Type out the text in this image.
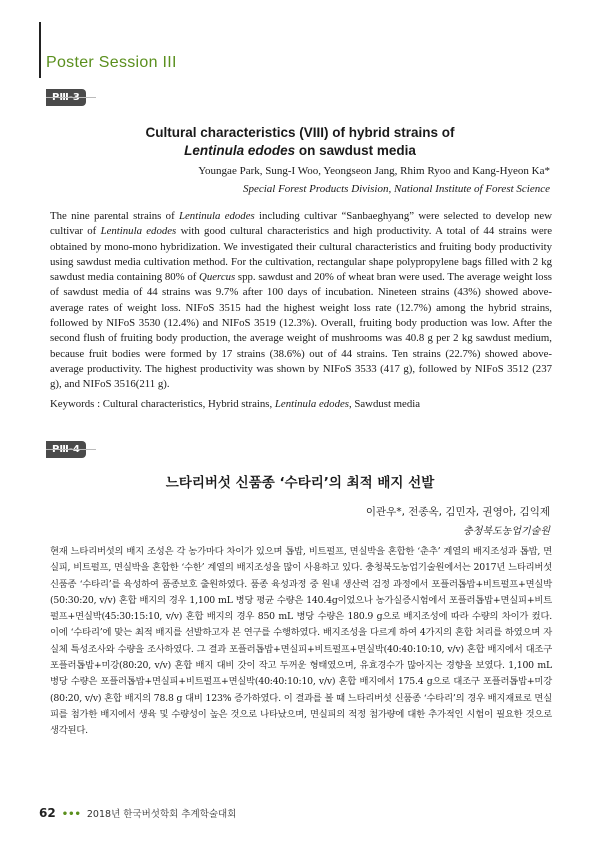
Poster Session III
Cultural characteristics (VIII) of hybrid strains of
Lentinula edodes on sawdust media
Youngae Park, Sung-I Woo, Yeongseon Jang, Rhim Ryoo and Kang-Hyeon Ka*
Special Forest Products Division, National Institute of Forest Science

The nine parental strains of Lentinula edodes including cultivar “Sanbaeghyang” were selected to develop new cultivar of Lentinula edodes with good cultural characteristics and high productivity. A total of 44 strains were obtained by mono-mono hybridization. We investigated their cultural characteristics and fruiting body productivity using sawdust media cultivation method. For the cultivation, rectangular shape polypropylene bags filled with 2 kg sawdust media containing 80% of Quercus spp. sawdust and 20% of wheat bran were used. The average weight loss of sawdust media of 44 strains was 9.7% after 100 days of incubation. Nineteen strains (43%) showed above-average rates of weight loss. NIFoS 3515 had the highest weight loss rate (12.7%) among the hybrid strains, followed by NIFoS 3530 (12.4%) and NIFoS 3519 (12.3%). Overall, fruiting body production was low. After the second flush of fruiting body production, the average weight of mushrooms was 40.8 g per 2 kg sawdust medium, because fruit bodies were formed by 17 strains (38.6%) out of 44 strains. Ten strains (22.7%) showed above-average productivity. The highest productivity was shown by NIFoS 3533 (417 g), followed by NIFoS 3512 (237 g), and NIFoS 3516(211 g).

Keywords : Cultural characteristics, Hybrid strains, Lentinula edodes, Sawdust media
느타리버섯 신품종 ‘수타리’의 최적 배지 선발
이관우*, 전종옥, 김민자, 권영아, 김익제
충청북도농업기술원

현재 느타리버섯의 배지 조성은 각 농가마다 차이가 있으며 톱밥, 비트펄프, 면실박을 혼합한 ‘춘추’ 계열의 배지조성과 톱밥, 면실피, 비트펄프, 면실박을 혼합한 ‘수한’ 계열의 배지조성을 많이 사용하고 있다. 충청북도농업기술원에서는 2017년 느타리버섯 신품종 ‘수타리’를 육성하여 품종보호 출원하였다. 품종 육성과정 중 원내 생산력 검정 과정에서 포플러톱밥+비트펄프+면실박(50:30:20, v/v) 혼합 배지의 경우 1,100 mL 병당 평균 수량은 140.4g이었으나 농가실증시험에서 포플러톱밥+면실피+비트펄프+면실박(45:30:15:10, v/v) 혼합 배지의 경우 850 mL 병당 수량은 180.9 g으로 배지조성에 따라 수량의 차이가 컸다. 이에 ‘수타리’에 맞는 최적 배지를 선발하고자 본 연구를 수행하였다. 배지조성을 다르게 하여 4가지의 혼합 처리를 하였으며 자실체 특성조사와 수량을 조사하였다. 그 결과 포플러톱밥+면실피+비트펄프+면실박(40:40:10:10, v/v) 혼합 배지에서 대조구 포플러톱밥+미강(80:20, v/v) 혼합 배지 대비 갓이 작고 두꺼운 형태였으며, 유효경수가 많아지는 경향을 보였다. 1,100 mL 병당 수량은 포플러톱밥+면실피+비트펄프+면실박(40:40:10:10, v/v) 혼합 배지에서 175.4 g으로 대조구 포플러톱밥+미강(80:20, v/v) 혼합 배지의 78.8 g 대비 123% 증가하였다. 이 결과를 볼 때 느타리버섯 신품종 ‘수타리’의 경우 배지재료로 면실피를 첨가한 배지에서 생육 및 수량성이 높은 것으로 나타났으며, 면실피의 적정 첨가량에 대한 추가적인 시험이 필요한 것으로 생각된다.

62 ••• 2018년 한국버섯학회 추계학술대회
